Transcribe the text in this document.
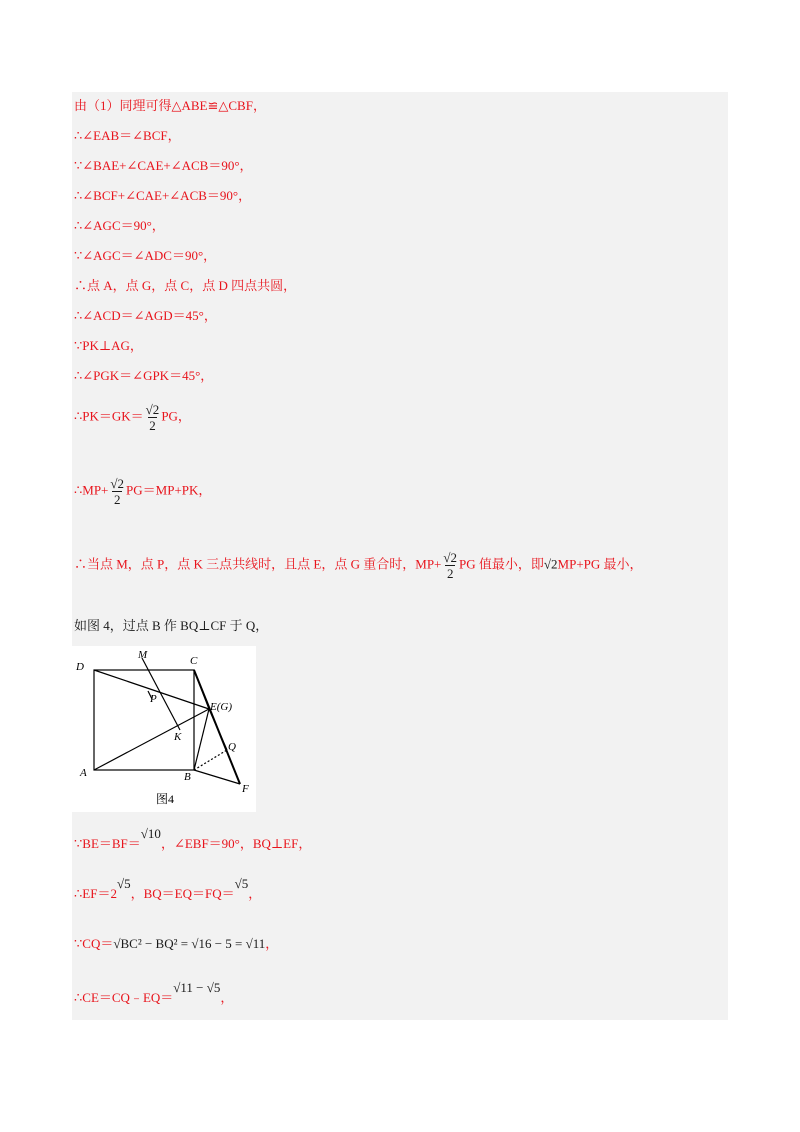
由（1）同理可得△ABE≌△CBF，
∴∠EAB＝∠BCF，
∵∠BAE+∠CAE+∠ACB＝90°，
∴∠BCF+∠CAE+∠ACB＝90°，
∴∠AGC＝90°，
∵∠AGC＝∠ADC＝90°，
∴点 A，点 G，点 C，点 D 四点共圆，
∴∠ACD＝∠AGD＝45°，
∵PK⊥AG，
∴∠PGK＝∠GPK＝45°，
∴PK＝GK＝ $\frac{√2}{2}$ PG，
∴MP+ $\frac{√2}{2} PG=MP+PK$，
∴当点 M，点 P，点 K 三点共线时，且点 E，点 G 重合时，$MP+ \frac{√2}{2}$ PG 值最小，即√2MP+PG 最小，
如图 4，过点 B 作 BQ⊥CF 于 Q，
D
M	C
P
E(G)
K
Q
A	B
F
图4
∵BE＝BF＝√10，∠EBF＝90°，BQ⊥EF，
∴EF＝2√5，BQ＝EQ＝FQ＝√5，
∵CQ＝√BC² − BQ² = √16 − 5 = √11，
∴CE＝CQ﹣EQ＝√11 − √5，
